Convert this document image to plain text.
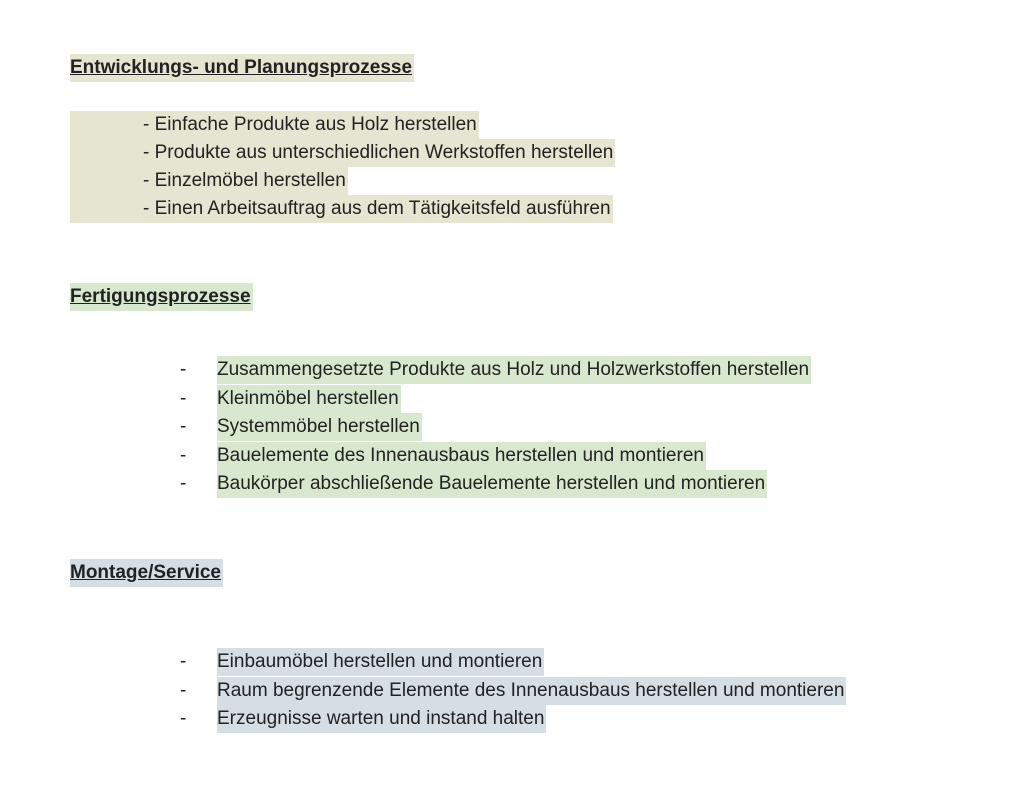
Entwicklungs- und Planungsprozesse
- Einfache Produkte aus Holz herstellen
- Produkte aus unterschiedlichen Werkstoffen herstellen
- Einzelmöbel herstellen
- Einen Arbeitsauftrag aus dem Tätigkeitsfeld ausführen
Fertigungsprozesse
- Zusammengesetzte Produkte aus Holz und Holzwerkstoffen herstellen
- Kleinmöbel herstellen
- Systemmöbel herstellen
- Bauelemente des Innenausbaus herstellen und montieren
- Baukörper abschließende Bauelemente herstellen und montieren
Montage/Service
- Einbaumöbel herstellen und montieren
- Raum begrenzende Elemente des Innenausbaus herstellen und montieren
- Erzeugnisse warten und instand halten
